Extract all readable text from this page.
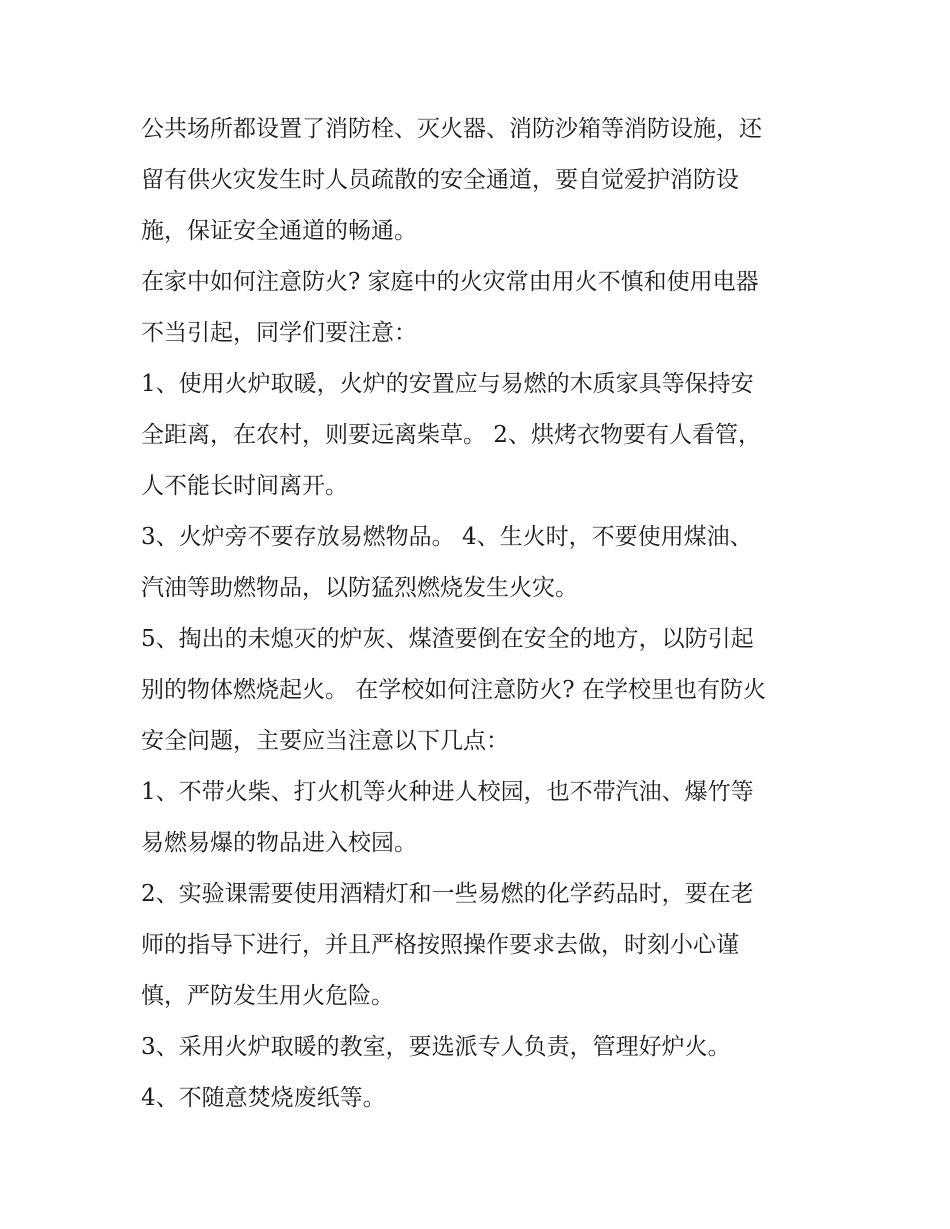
公共场所都设置了消防栓、灭火器、消防沙箱等消防设施，还
留有供火灾发生时人员疏散的安全通道，要自觉爱护消防设
施，保证安全通道的畅通。

在家中如何注意防火? 家庭中的火灾常由用火不慎和使用电器
不当引起，同学们要注意：

1、使用火炉取暖，火炉的安置应与易燃的木质家具等保持安
全距离，在农村，则要远离柴草。 2、烘烤衣物要有人看管，
人不能长时间离开。

3、火炉旁不要存放易燃物品。 4、生火时，不要使用煤油、
汽油等助燃物品，以防猛烈燃烧发生火灾。

5、掏出的未熄灭的炉灰、煤渣要倒在安全的地方，以防引起
别的物体燃烧起火。 在学校如何注意防火? 在学校里也有防火
安全问题，主要应当注意以下几点：

1、不带火柴、打火机等火种进人校园，也不带汽油、爆竹等
易燃易爆的物品进入校园。

2、实验课需要使用酒精灯和一些易燃的化学药品时，要在老
师的指导下进行，并且严格按照操作要求去做，时刻小心谨
慎，严防发生用火危险。

3、采用火炉取暖的教室，要选派专人负责，管理好炉火。

4、不随意焚烧废纸等。
